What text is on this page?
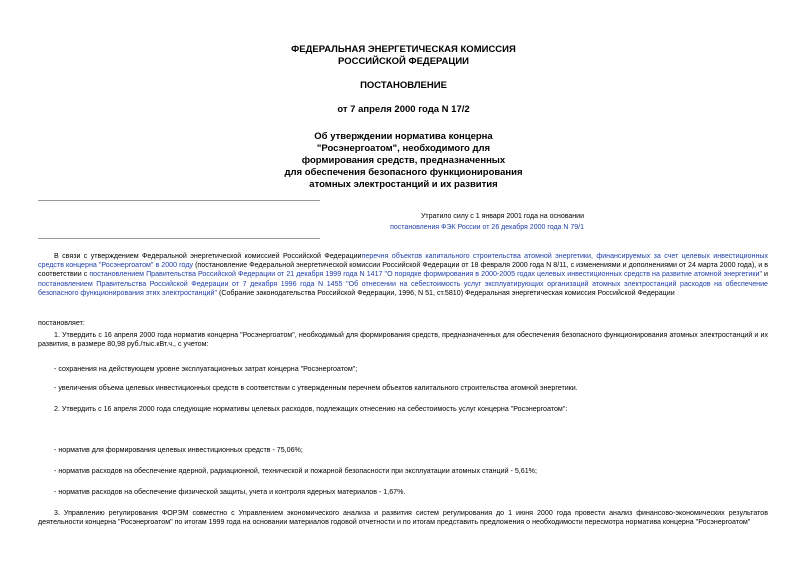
ФЕДЕРАЛЬНАЯ ЭНЕРГЕТИЧЕСКАЯ КОМИССИЯ
РОССИЙСКОЙ ФЕДЕРАЦИИ
ПОСТАНОВЛЕНИЕ
от 7 апреля 2000 года N 17/2
Об утверждении норматива концерна
"Росэнергоатом", необходимого для
формирования средств, предназначенных
для обеспечения безопасного функционирования
атомных электростанций и их развития
Утратило силу с 1 января 2001 года на основании
постановления ФЭК России от 26 декабря 2000 года N 79/1

В связи с утверждением Федеральной энергетической комиссией Российской Федерацииперечня объектов капитального строительства атомной энергетики, финансируемых за счет целевых инвестиционных средств концерна "Росэнергоатом" в 2000 году (постановление Федеральной энергетической комиссии Российской Федерации от 18 февраля 2000 года N 8/11, с изменениями и дополнениями от 24 марта 2000 года), и в соответствии с постановлением Правительства Российской Федерации от 21 декабря 1999 года N 1417 "О порядке формирования в 2000-2005 годах целевых инвестиционных средств на развитие атомной энергетики" и постановлением Правительства Российской Федерации от 7 декабря 1996 года N 1455 "Об отнесении на себестоимость услуг эксплуатирующих организаций атомных электростанций расходов на обеспечение безопасного функционирования этих электростанций" (Собрание законодательства Российской Федерации, 1996, N 51, ст.5810) Федеральная энергетическая комиссия Российской Федерации

постановляет:

1. Утвердить с 16 апреля 2000 года норматив концерна "Росэнергоатом", необходимый для формирования средств, предназначенных для обеспечения безопасного функционирования атомных электростанций и их развития, в размере 80,98 руб./тыс.кВт.ч., с учетом:

- сохранения на действующем уровне эксплуатационных затрат концерна "Росэнергоатом";

- увеличения объема целевых инвестиционных средств в соответствии с утвержденным перечнем объектов капитального строительства атомной энергетики.

2. Утвердить с 16 апреля 2000 года следующие нормативы целевых расходов, подлежащих отнесению на себестоимость услуг концерна "Росэнергоатом":

- норматив для формирования целевых инвестиционных средств - 75,06%;

- норматив расходов на обеспечение ядерной, радиационной, технической и пожарной безопасности при эксплуатации атомных станций - 5,61%;

- норматив расходов на обеспечение физической защиты, учета и контроля ядерных материалов - 1,67%.

3. Управлению регулирования ФОРЭМ совместно с Управлением экономического анализа и развития систем регулирования до 1 июня 2000 года провести анализ финансово-экономических результатов деятельности концерна "Росэнергоатом" по итогам 1999 года на основании материалов годовой отчетности и по итогам представить предложения о необходимости пересмотра норматива концерна "Росэнергоатом"
